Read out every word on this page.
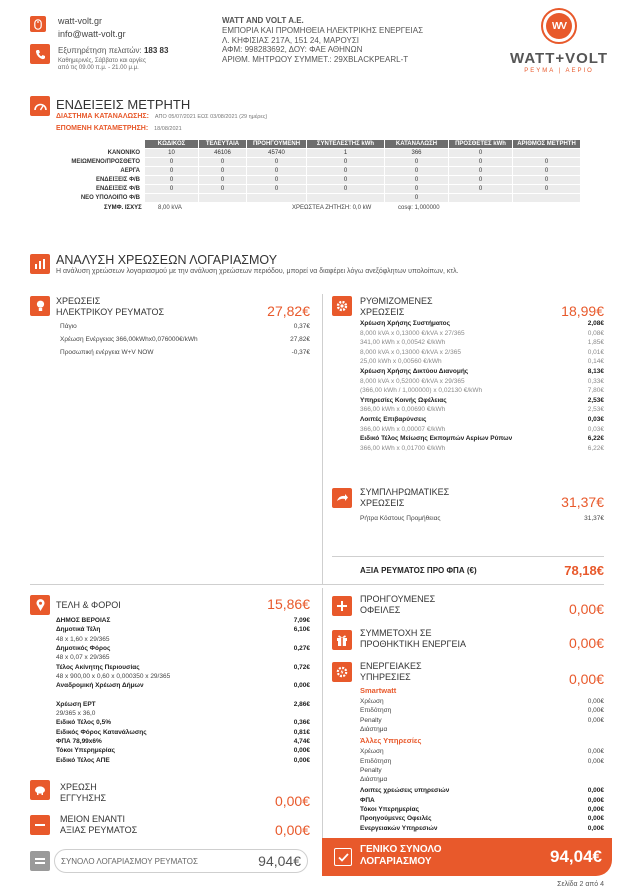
watt-volt.gr
info@watt-volt.gr
Εξυπηρέτηση πελατών: 183 83
Καθημερινές, Σάββατο και αργίες
από τις 09.00 π.μ. - 21.00 μ.μ.
WATT AND VOLT A.E.
ΕΜΠΟΡΙΑ ΚΑΙ ΠΡΟΜΗΘΕΙΑ ΗΛΕΚΤΡΙΚΗΣ ΕΝΕΡΓΕΙΑΣ
Λ. ΚΗΦΙΣΙΑΣ 217Α, 151 24, ΜΑΡΟΥΣΙ
ΑΦΜ: 998283692, ΔΟΥ: ΦΑΕ ΑΘΗΝΩΝ
ΑΡΙΘΜ. ΜΗΤΡΩΟΥ ΣΥΜΜΕΤ.: 29XBLACKPEARL-T
WV
WATT+VOLT
ΡΕΥΜΑ | ΑΕΡΙΟ
ΕΝΔΕΙΞΕΙΣ ΜΕΤΡΗΤΗ
ΔΙΑΣΤΗΜΑ ΚΑΤΑΝΑΛΩΣΗΣ: ΑΠΟ 05/07/2021 ΕΩΣ 03/08/2021 (29 ημέρες)
ΕΠΟΜΕΝΗ ΚΑΤΑΜΕΤΡΗΣΗ: 18/08/2021
	ΚΩΔΙΚΟΣ	ΤΕΛΕΥΤΑΙΑ	ΠΡΟΗΓΟΥΜΕΝΗ	ΣΥΝΤΕΛΕΣΤΗΣ kWh	ΚΑΤΑΝΑΛΩΣΗ	ΠΡΟΣΘΕΤΕΣ kWh	ΑΡΙΘΜΟΣ ΜΕΤΡΗΤΗ
ΚΑΝΟΝΙΚΟ	10	46106	45740	1	366	0	
ΜΕΙΩΜΕΝΟ/ΠΡΟΣΘΕΤΟ	0	0	0	0	0	0	0
ΑΕΡΓΑ	0	0	0	0	0	0	0
ΕΝΔΕΙΞΕΙΣ Φ/Β	0	0	0	0	0	0	0
ΕΝΔΕΙΞΕΙΣ Φ/Β	0	0	0	0	0	0	0
ΝΕΟ ΥΠΟΛΟΙΠΟ Φ/Β					0		
ΣΥΜΦ. ΙΣΧΥΣ	8,00 kVA	ΧΡΕΩΣΤΕΑ ΖΗΤΗΣΗ: 0,0 kW	cosφ: 1,000000
ΑΝΑΛΥΣΗ ΧΡΕΩΣΕΩΝ ΛΟΓΑΡΙΑΣΜΟΥ
Η ανάλυση χρεώσεων λογαριασμού με την ανάλυση χρεώσεων περιόδου, μπορεί να διαφέρει λόγω ανεξόφλητων υπολοίπων, κτλ.
ΧΡΕΩΣΕΙΣ
ΗΛΕΚΤΡΙΚΟΥ ΡΕΥΜΑΤΟΣ	27,82€
Πάγιο	0,37€
Χρέωση Ενέργειας 366,00kWhx0,076000€/kWh	27,82€
Προσωπική ενέργεια W+V NOW	-0,37€
ΡΥΘΜΙΖΟΜΕΝΕΣ
ΧΡΕΩΣΕΙΣ	18,99€
Χρέωση Χρήσης Συστήματος	2,08€
8,000 kVA x 0,13000 €/kVA x 27/365	0,08€
341,00 kWh x 0,00542 €/kWh	1,85€
8,000 kVA x 0,13000 €/kVA x 2/365	0,01€
25,00 kWh x 0,00560 €/kWh	0,14€
Χρέωση Χρήσης Δικτύου Διανομής	8,13€
8,000 kVA x 0,52000 €/kVA x 29/365	0,33€
(366,00 kWh / 1,000000) x 0,02130 €/kWh	7,80€
Υπηρεσίες Κοινής Ωφέλειας	2,53€
366,00 kWh x 0,00690 €/kWh	2,53€
Λοιπές Επιβαρύνσεις	0,03€
366,00 kWh x 0,00007 €/kWh	0,03€
Ειδικό Τέλος Μείωσης Εκπομπών Αερίων Ρύπων	6,22€
366,00 kWh x 0,01700 €/kWh	6,22€
ΣΥΜΠΛΗΡΩΜΑΤΙΚΕΣ
ΧΡΕΩΣΕΙΣ	31,37€
Ρήτρα Κόστους Προμήθειας	31,37€
ΑΞΙΑ ΡΕΥΜΑΤΟΣ ΠΡΟ ΦΠΑ (€)	78,18€
ΤΕΛΗ & ΦΟΡΟΙ	15,86€
ΔΗΜΟΣ ΒΕΡΟΙΑΣ	7,09€
Δημοτικά Τέλη	6,10€
48 x 1,60 x 29/365
Δημοτικός Φόρος	0,27€
48 x 0,07 x 29/365
Τέλος Ακίνητης Περιουσίας	0,72€
48 x 900,00 x 0,60 x 0,000350 x 29/365
Αναδρομική Χρέωση Δήμων	0,00€
Χρέωση ΕΡΤ	2,86€
29/365 x 36,0
Ειδικό Τέλος 0,5%	0,36€
Ειδικός Φόρος Κατανάλωσης	0,81€
ΦΠΑ 78,99x6%	4,74€
Τόκοι Υπερημερίας	0,00€
Ειδικό Τέλος ΑΠΕ	0,00€
ΠΡΟΗΓΟΥΜΕΝΕΣ
ΟΦΕΙΛΕΣ	0,00€
ΣΥΜΜΕΤΟΧΗ ΣΕ
ΠΡΟΘΗΚΤΙΚΗ ΕΝΕΡΓΕΙΑ	0,00€
ΕΝΕΡΓΕΙΑΚΕΣ
ΥΠΗΡΕΣΙΕΣ	0,00€
Smartwatt
Χρέωση	0,00€
Επιδότηση	0,00€
Penalty	0,00€
Διάστημα
Άλλες Υπηρεσίες
Χρέωση	0,00€
Επιδότηση	0,00€
Penalty
Διάστημα
Λοιπες χρεώσεις υπηρεσιών	0,00€
ΦΠΑ	0,00€
Τόκοι Υπερημερίας	0,00€
Προηγούμενες Οφειλές	0,00€
Ενεργειακών Υπηρεσιών	0,00€
ΧΡΕΩΣΗ
ΕΓΓΥΗΣΗΣ	0,00€
ΜΕΙΟΝ ΕΝΑΝΤΙ
ΑΞΙΑΣ ΡΕΥΜΑΤΟΣ	0,00€
ΣΥΝΟΛΟ ΛΟΓΑΡΙΑΣΜΟΥ ΡΕΥΜΑΤΟΣ	94,04€
ΓΕΝΙΚΟ ΣΥΝΟΛΟ
ΛΟΓΑΡΙΑΣΜΟΥ	94,04€
Σελίδα 2 από 4
